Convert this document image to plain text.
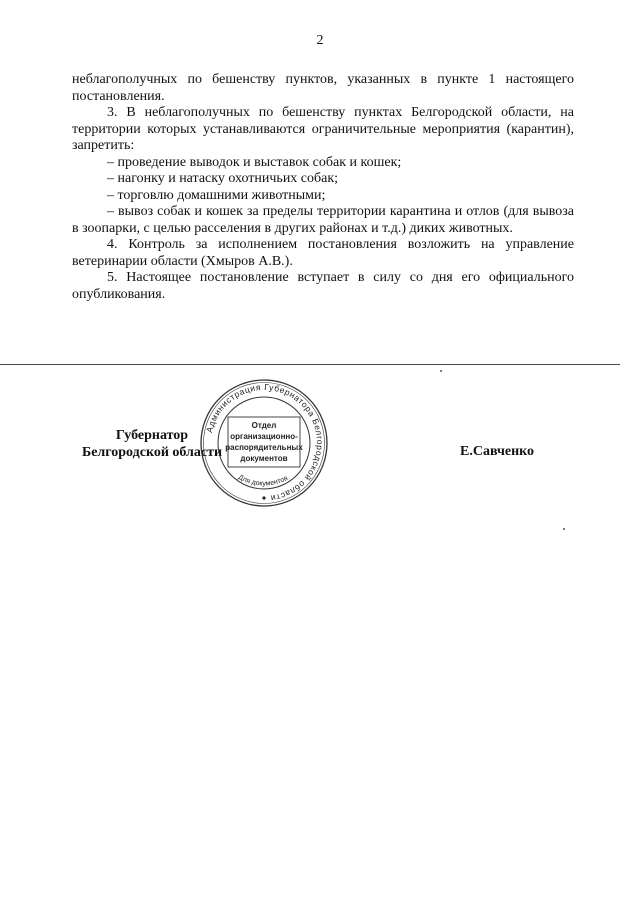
2

неблагополучных по бешенству пунктов, указанных в пункте 1 настоящего постановления.

3. В неблагополучных по бешенству пунктах Белгородской области, на территории которых устанавливаются ограничительные мероприятия (карантин), запретить:

– проведение выводок и выставок собак и кошек;

– нагонку и натаску охотничьих собак;

– торговлю домашними животными;

– вывоз собак и кошек за пределы территории карантина и отлов (для вывоза в зоопарки, с целью расселения в других районах и т.д.) диких животных.

4. Контроль за исполнением постановления возложить на управление ветеринарии области (Хмыров А.В.).

5. Настоящее постановление вступает в силу со дня его официального опубликования.

Губернатор
Белгородской области	Е.Савченко
Администрация Губернатора Белгородской области
Для документов
Отдел
организационно-
распорядительных
документов
